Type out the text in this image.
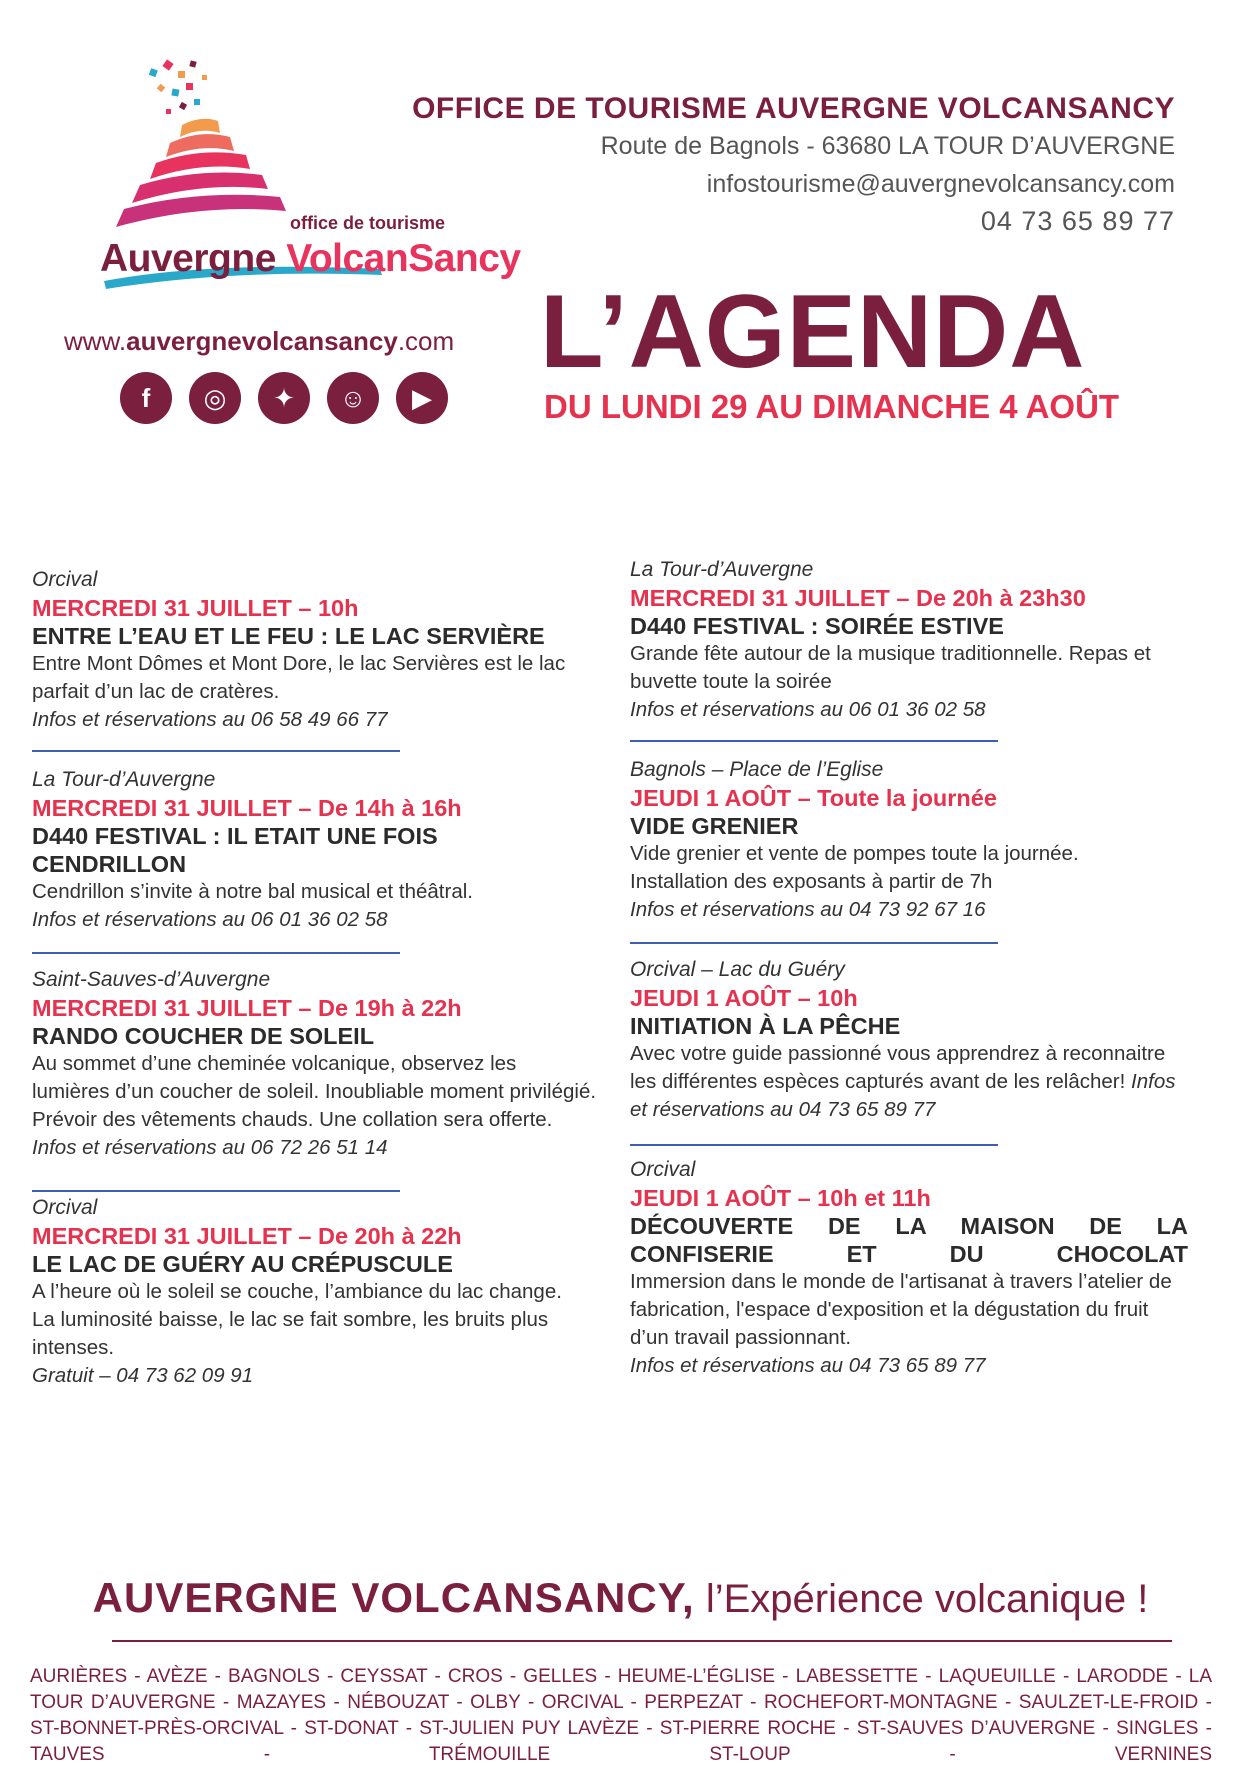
office de tourisme
Auvergne VolcanSancy
www.auvergnevolcansancy.com
f	◎	✦	☺	▶
OFFICE DE TOURISME AUVERGNE VOLCANSANCY
Route de Bagnols - 63680 LA TOUR D’AUVERGNE
infostourisme@auvergnevolcansancy.com
04 73 65 89 77
L’AGENDA
DU LUNDI 29 AU DIMANCHE 4 AOÛT
Orcival
MERCREDI 31 JUILLET – 10h
ENTRE L’EAU ET LE FEU : LE LAC SERVIÈRE
Entre Mont Dômes et Mont Dore, le lac Servières est le lac parfait d’un lac de cratères.
Infos et réservations au 06 58 49 66 77
La Tour-d’Auvergne
MERCREDI 31 JUILLET – De 14h à 16h
D440 FESTIVAL : IL ETAIT UNE FOIS CENDRILLON
Cendrillon s’invite à notre bal musical et théâtral.
Infos et réservations au 06 01 36 02 58
Saint-Sauves-d’Auvergne
MERCREDI 31 JUILLET – De 19h à 22h
RANDO COUCHER DE SOLEIL
Au sommet d’une cheminée volcanique, observez les lumières d’un coucher de soleil. Inoubliable moment privilégié. Prévoir des vêtements chauds. Une collation sera offerte.
Infos et réservations au 06 72 26 51 14
Orcival
MERCREDI 31 JUILLET – De 20h à 22h
LE LAC DE GUÉRY AU CRÉPUSCULE
A l’heure où le soleil se couche, l’ambiance du lac change. La luminosité baisse, le lac se fait sombre, les bruits plus intenses.
Gratuit – 04 73 62 09 91
La Tour-d’Auvergne
MERCREDI 31 JUILLET – De 20h à 23h30
D440 FESTIVAL : SOIRÉE ESTIVE
Grande fête autour de la musique traditionnelle. Repas et buvette toute la soirée
Infos et réservations au 06 01 36 02 58
Bagnols – Place de l’Eglise
JEUDI 1 AOÛT – Toute la journée
VIDE GRENIER
Vide grenier et vente de pompes toute la journée. Installation des exposants à partir de 7h
Infos et réservations au 04 73 92 67 16
Orcival – Lac du Guéry
JEUDI 1 AOÛT – 10h
INITIATION À LA PÊCHE
Avec votre guide passionné vous apprendrez à reconnaitre les différentes espèces capturés avant de les relâcher! Infos et réservations au 04 73 65 89 77
Orcival
JEUDI 1 AOÛT – 10h et 11h
DÉCOUVERTE DE LA MAISON DE LA CONFISERIE ET DU CHOCOLAT
Immersion dans le monde de l'artisanat à travers l’atelier de fabrication, l'espace d'exposition et la dégustation du fruit d’un travail passionnant.
Infos et réservations au 04 73 65 89 77
AUVERGNE VOLCANSANCY, l’Expérience volcanique !
AURIÈRES - AVÈZE - BAGNOLS - CEYSSAT - CROS - GELLES - HEUME-L’ÉGLISE - LABESSETTE - LAQUEUILLE - LARODDE - LA TOUR D’AUVERGNE - MAZAYES - NÉBOUZAT - OLBY - ORCIVAL - PERPEZAT - ROCHEFORT-MONTAGNE - SAULZET-LE-FROID - ST-BONNET-PRÈS-ORCIVAL - ST-DONAT - ST-JULIEN PUY LAVÈZE - ST-PIERRE ROCHE - ST-SAUVES D’AUVERGNE - SINGLES - TAUVES - TRÉMOUILLE ST-LOUP - VERNINES
